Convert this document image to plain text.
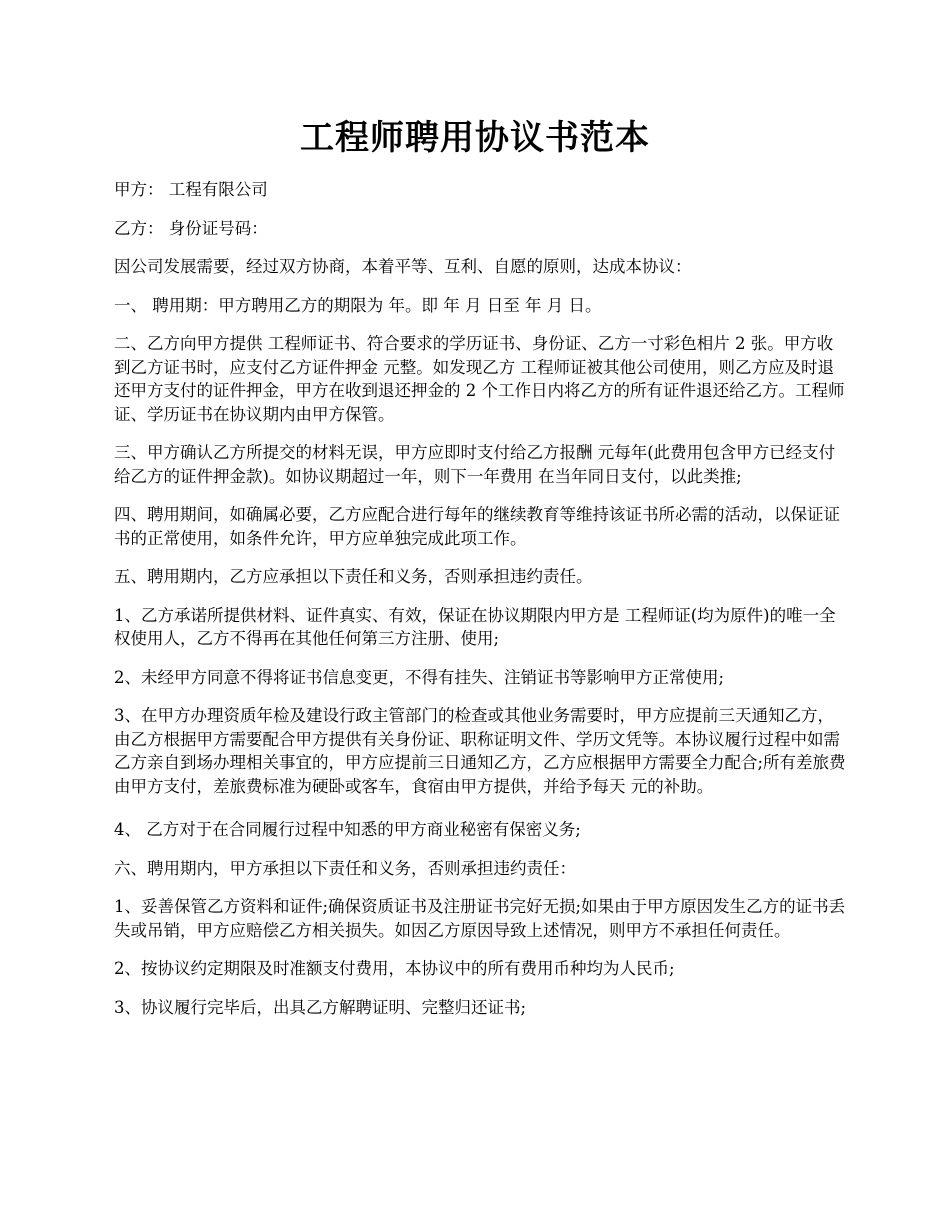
工程师聘用协议书范本

甲方： 工程有限公司

乙方： 身份证号码：

因公司发展需要，经过双方协商，本着平等、互利、自愿的原则，达成本协议：

一、 聘用期：甲方聘用乙方的期限为 年。即 年 月 日至 年 月 日。

二、乙方向甲方提供 工程师证书、符合要求的学历证书、身份证、乙方一寸彩色相片 2 张。甲方收到乙方证书时，应支付乙方证件押金 元整。如发现乙方 工程师证被其他公司使用，则乙方应及时退还甲方支付的证件押金，甲方在收到退还押金的 2 个工作日内将乙方的所有证件退还给乙方。工程师证、学历证书在协议期内由甲方保管。

三、甲方确认乙方所提交的材料无误，甲方应即时支付给乙方报酬 元每年(此费用包含甲方已经支付给乙方的证件押金款)。如协议期超过一年，则下一年费用 在当年同日支付，以此类推;

四、聘用期间，如确属必要，乙方应配合进行每年的继续教育等维持该证书所必需的活动，以保证证书的正常使用，如条件允许，甲方应单独完成此项工作。

五、聘用期内，乙方应承担以下责任和义务，否则承担违约责任。

1、乙方承诺所提供材料、证件真实、有效，保证在协议期限内甲方是 工程师证(均为原件)的唯一全权使用人，乙方不得再在其他任何第三方注册、使用;

2、未经甲方同意不得将证书信息变更，不得有挂失、注销证书等影响甲方正常使用;

3、在甲方办理资质年检及建设行政主管部门的检查或其他业务需要时，甲方应提前三天通知乙方，由乙方根据甲方需要配合甲方提供有关身份证、职称证明文件、学历文凭等。本协议履行过程中如需乙方亲自到场办理相关事宜的，甲方应提前三日通知乙方，乙方应根据甲方需要全力配合;所有差旅费由甲方支付，差旅费标准为硬卧或客车，食宿由甲方提供，并给予每天 元的补助。

4、 乙方对于在合同履行过程中知悉的甲方商业秘密有保密义务;

六、聘用期内，甲方承担以下责任和义务，否则承担违约责任：

1、妥善保管乙方资料和证件;确保资质证书及注册证书完好无损;如果由于甲方原因发生乙方的证书丢失或吊销，甲方应赔偿乙方相关损失。如因乙方原因导致上述情况，则甲方不承担任何责任。

2、按协议约定期限及时准额支付费用，本协议中的所有费用币种均为人民币;

3、协议履行完毕后，出具乙方解聘证明、完整归还证书;
